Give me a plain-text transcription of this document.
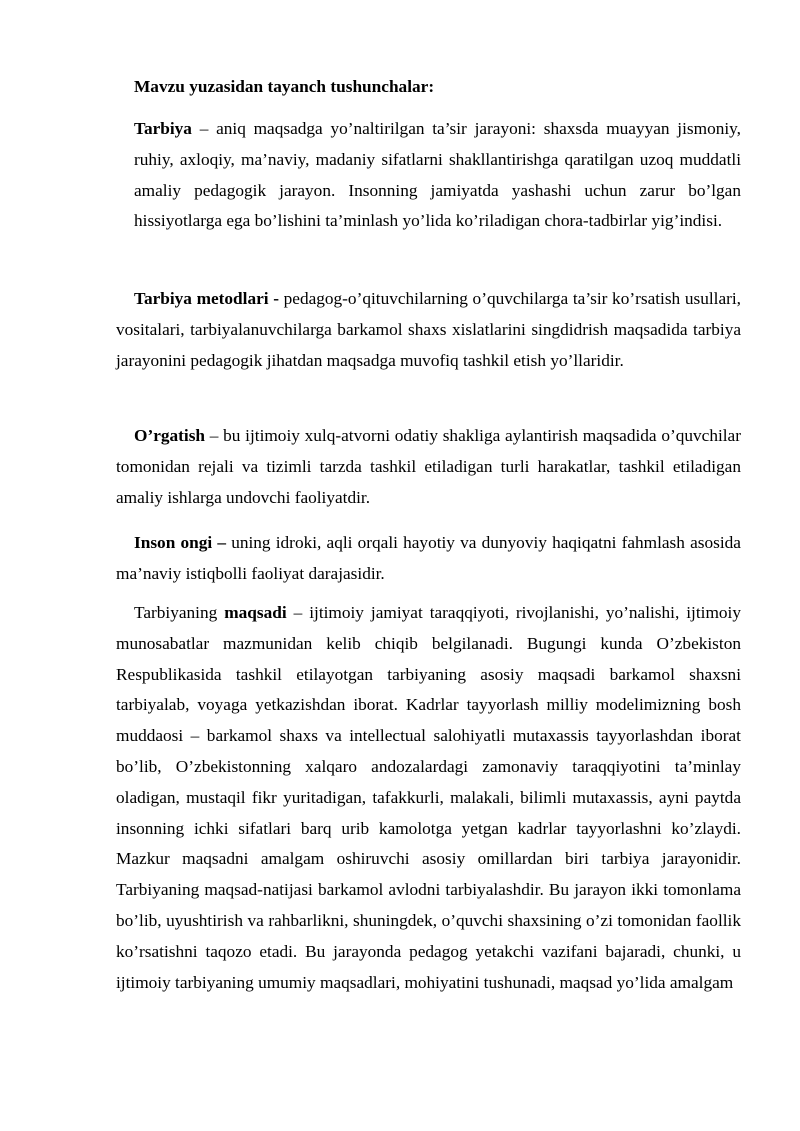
Mavzu yuzasidan tayanch tushunchalar:

Tarbiya – aniq maqsadga yo’naltirilgan ta’sir jarayoni: shaxsda muayyan jismoniy, ruhiy, axloqiy, ma’naviy, madaniy sifatlarni shakllantirishga qaratilgan uzoq muddatli amaliy pedagogik jarayon. Insonning jamiyatda yashashi uchun zarur bo’lgan hissiyotlarga ega bo’lishini ta’minlash yo’lida ko’riladigan chora-tadbirlar yig’indisi.

Tarbiya metodlari - pedagog-o’qituvchilarning o’quvchilarga ta’sir ko’rsatish usullari, vositalari, tarbiyalanuvchilarga barkamol shaxs xislatlarini singdidrish maqsadida tarbiya jarayonini pedagogik jihatdan maqsadga muvofiq tashkil etish yo’llaridir.

O’rgatish – bu ijtimoiy xulq-atvorni odatiy shakliga aylantirish maqsadida o’quvchilar tomonidan rejali va tizimli tarzda tashkil etiladigan turli harakatlar, tashkil etiladigan amaliy ishlarga undovchi faoliyatdir.

Inson ongi – uning idroki, aqli orqali hayotiy va dunyoviy haqiqatni fahmlash asosida ma’naviy istiqbolli faoliyat darajasidir.

Tarbiyaning maqsadi – ijtimoiy jamiyat taraqqiyoti, rivojlanishi, yo’nalishi, ijtimoiy munosabatlar mazmunidan kelib chiqib belgilanadi. Bugungi kunda O’zbekiston Respublikasida tashkil etilayotgan tarbiyaning asosiy maqsadi barkamol shaxsni tarbiyalab, voyaga yetkazishdan iborat. Kadrlar tayyorlash milliy modelimizning bosh muddaosi – barkamol shaxs va intellectual salohiyatli mutaxassis tayyorlashdan iborat bo’lib, O’zbekistonning xalqaro andozalardagi zamonaviy taraqqiyotini ta’minlay oladigan, mustaqil fikr yuritadigan, tafakkurli, malakali, bilimli mutaxassis, ayni paytda insonning ichki sifatlari barq urib kamolotga yetgan kadrlar tayyorlashni ko’zlaydi. Mazkur maqsadni amalgam oshiruvchi asosiy omillardan biri tarbiya jarayonidir. Tarbiyaning maqsad-natijasi barkamol avlodni tarbiyalashdir. Bu jarayon ikki tomonlama bo’lib, uyushtirish va rahbarlikni, shuningdek, o’quvchi shaxsining o’zi tomonidan faollik ko’rsatishni taqozo etadi. Bu jarayonda pedagog yetakchi vazifani bajaradi, chunki, u ijtimoiy tarbiyaning umumiy maqsadlari, mohiyatini tushunadi, maqsad yo’lida amalgam
